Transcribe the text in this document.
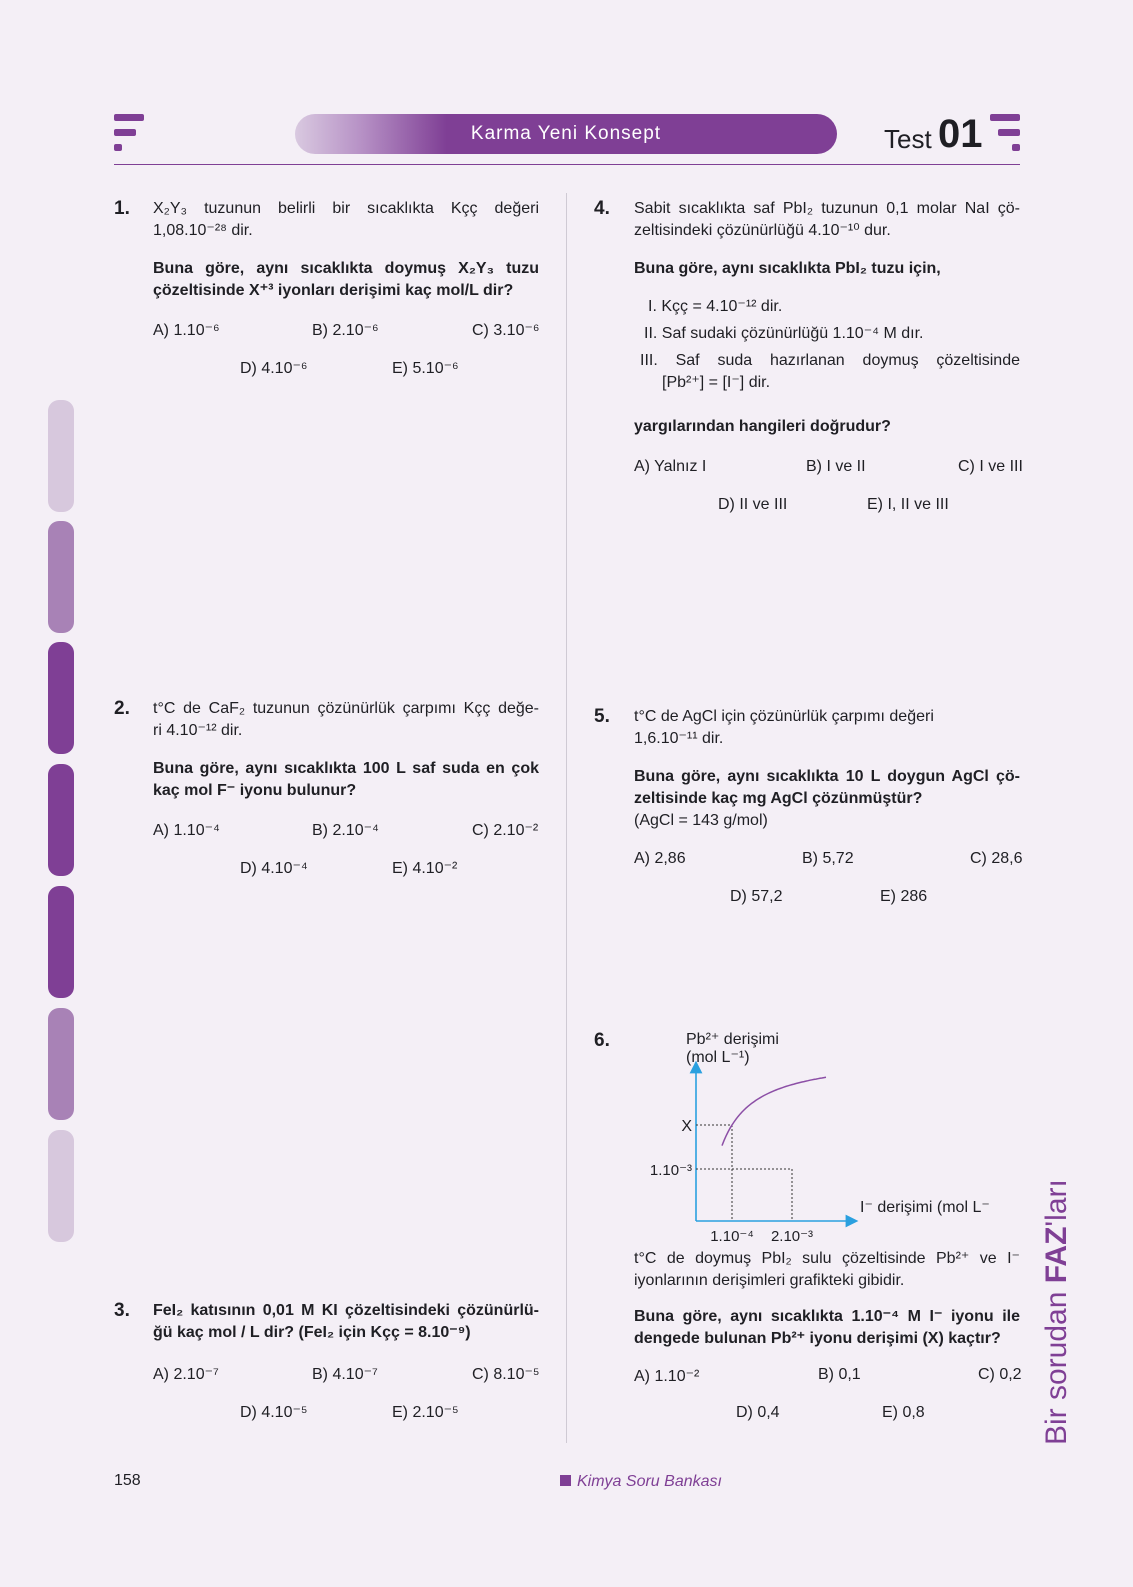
Karma Yeni Konsept	Test 01
1. X₂Y₃ tuzunun belirli bir sıcaklıkta Kçç değeri
1,08.10⁻²⁸ dir.
Buna göre, aynı sıcaklıkta doymuş X₂Y₃ tuzu
çözeltisinde X⁺³ iyonları derişimi kaç mol/L dir?
A) 1.10⁻⁶	B) 2.10⁻⁶	C) 3.10⁻⁶
D) 4.10⁻⁶	E) 5.10⁻⁶
2. t°C de CaF₂ tuzunun çözünürlük çarpımı Kçç değe-
ri 4.10⁻¹² dir.
Buna göre, aynı sıcaklıkta 100 L saf suda en çok
kaç mol F⁻ iyonu bulunur?
A) 1.10⁻⁴	B) 2.10⁻⁴	C) 2.10⁻²
D) 4.10⁻⁴	E) 4.10⁻²
3. FeI₂ katısının 0,01 M KI çözeltisindeki çözünürlü-
ğü kaç mol / L dir? (FeI₂ için Kçç = 8.10⁻⁹)
A) 2.10⁻⁷	B) 4.10⁻⁷	C) 8.10⁻⁵
D) 4.10⁻⁵	E) 2.10⁻⁵
4. Sabit sıcaklıkta saf PbI₂ tuzunun 0,1 molar NaI çö-
zeltisindeki çözünürlüğü 4.10⁻¹⁰ dur.
Buna göre, aynı sıcaklıkta PbI₂ tuzu için,
I. Kçç = 4.10⁻¹² dir.
II. Saf sudaki çözünürlüğü 1.10⁻⁴ M dır.
III. Saf suda hazırlanan doymuş çözeltisinde
[Pb²⁺] = [I⁻] dir.
yargılarından hangileri doğrudur?
A) Yalnız I	B) I ve II	C) I ve III
D) II ve III	E) I, II ve III
5. t°C de AgCl için çözünürlük çarpımı değeri
1,6.10⁻¹¹ dir.
Buna göre, aynı sıcaklıkta 10 L doygun AgCl çö-
zeltisinde kaç mg AgCl çözünmüştür?
(AgCl = 143 g/mol)
A) 2,86	B) 5,72	C) 28,6
D) 57,2	E) 286
6.	Pb²⁺ derişimi
(mol L⁻¹)
X
1.10⁻³
1.10⁻⁴ 2.10⁻³
I⁻ derişimi (mol L⁻
t°C de doymuş PbI₂ sulu çözeltisinde Pb²⁺ ve I⁻
iyonlarının derişimleri grafikteki gibidir.
Buna göre, aynı sıcaklıkta 1.10⁻⁴ M I⁻ iyonu ile
dengede bulunan Pb²⁺ iyonu derişimi (X) kaçtır?
A) 1.10⁻²	B) 0,1	C) 0,2
D) 0,4	E) 0,8	Bir sorudan FAZ'ları
158	Kimya Soru Bankası
